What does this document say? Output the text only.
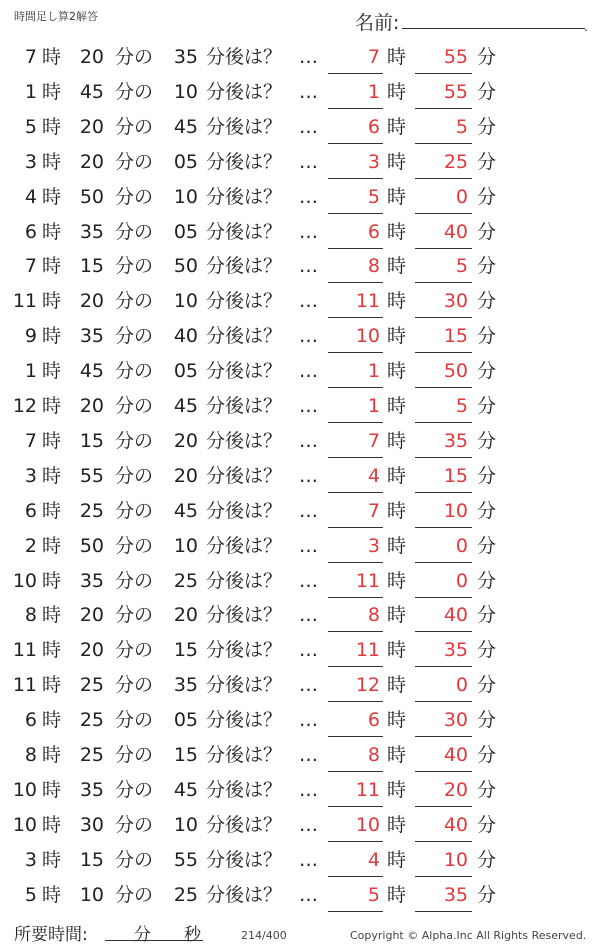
時間足し算2解答	名前:	.
7 時 20 分の	35 分後は？ …	7 時	55 分
1 時 45 分の	10 分後は？ …	1 時	55 分
5 時 20 分の	45 分後は？ …	6 時	5 分
3 時 20 分の	05 分後は？ …	3 時	25 分
4 時 50 分の	10 分後は？ …	5 時	0 分
6 時 35 分の	05 分後は？ …	6 時	40 分
7 時 15 分の	50 分後は？ …	8 時	5 分
11 時 20 分の	10 分後は？ …	11 時	30 分
9 時 35 分の	40 分後は？ …	10 時	15 分
1 時 45 分の	05 分後は？ …	1 時	50 分
12 時 20 分の	45 分後は？ …	1 時	5 分
7 時 15 分の	20 分後は？ …	7 時	35 分
3 時 55 分の	20 分後は？ …	4 時	15 分
6 時 25 分の	45 分後は？ …	7 時	10 分
2 時 50 分の	10 分後は？ …	3 時	0 分
10 時 35 分の	25 分後は？ …	11 時	0 分
8 時 20 分の	20 分後は？ …	8 時	40 分
11 時 20 分の	15 分後は？ …	11 時	35 分
11 時 25 分の	35 分後は？ …	12 時	0 分
6 時 25 分の	05 分後は？ …	6 時	30 分
8 時 25 分の	15 分後は？ …	8 時	40 分
10 時 35 分の	45 分後は？ …	11 時	20 分
10 時 30 分の	10 分後は？ …	10 時	40 分
3 時 15 分の	55 分後は？ …	4 時	10 分
5 時 10 分の	25 分後は？ …	5 時	35 分
所要時間:	分 秒	214/400	Copyright © Alpha.Inc All Rights Reserved.
